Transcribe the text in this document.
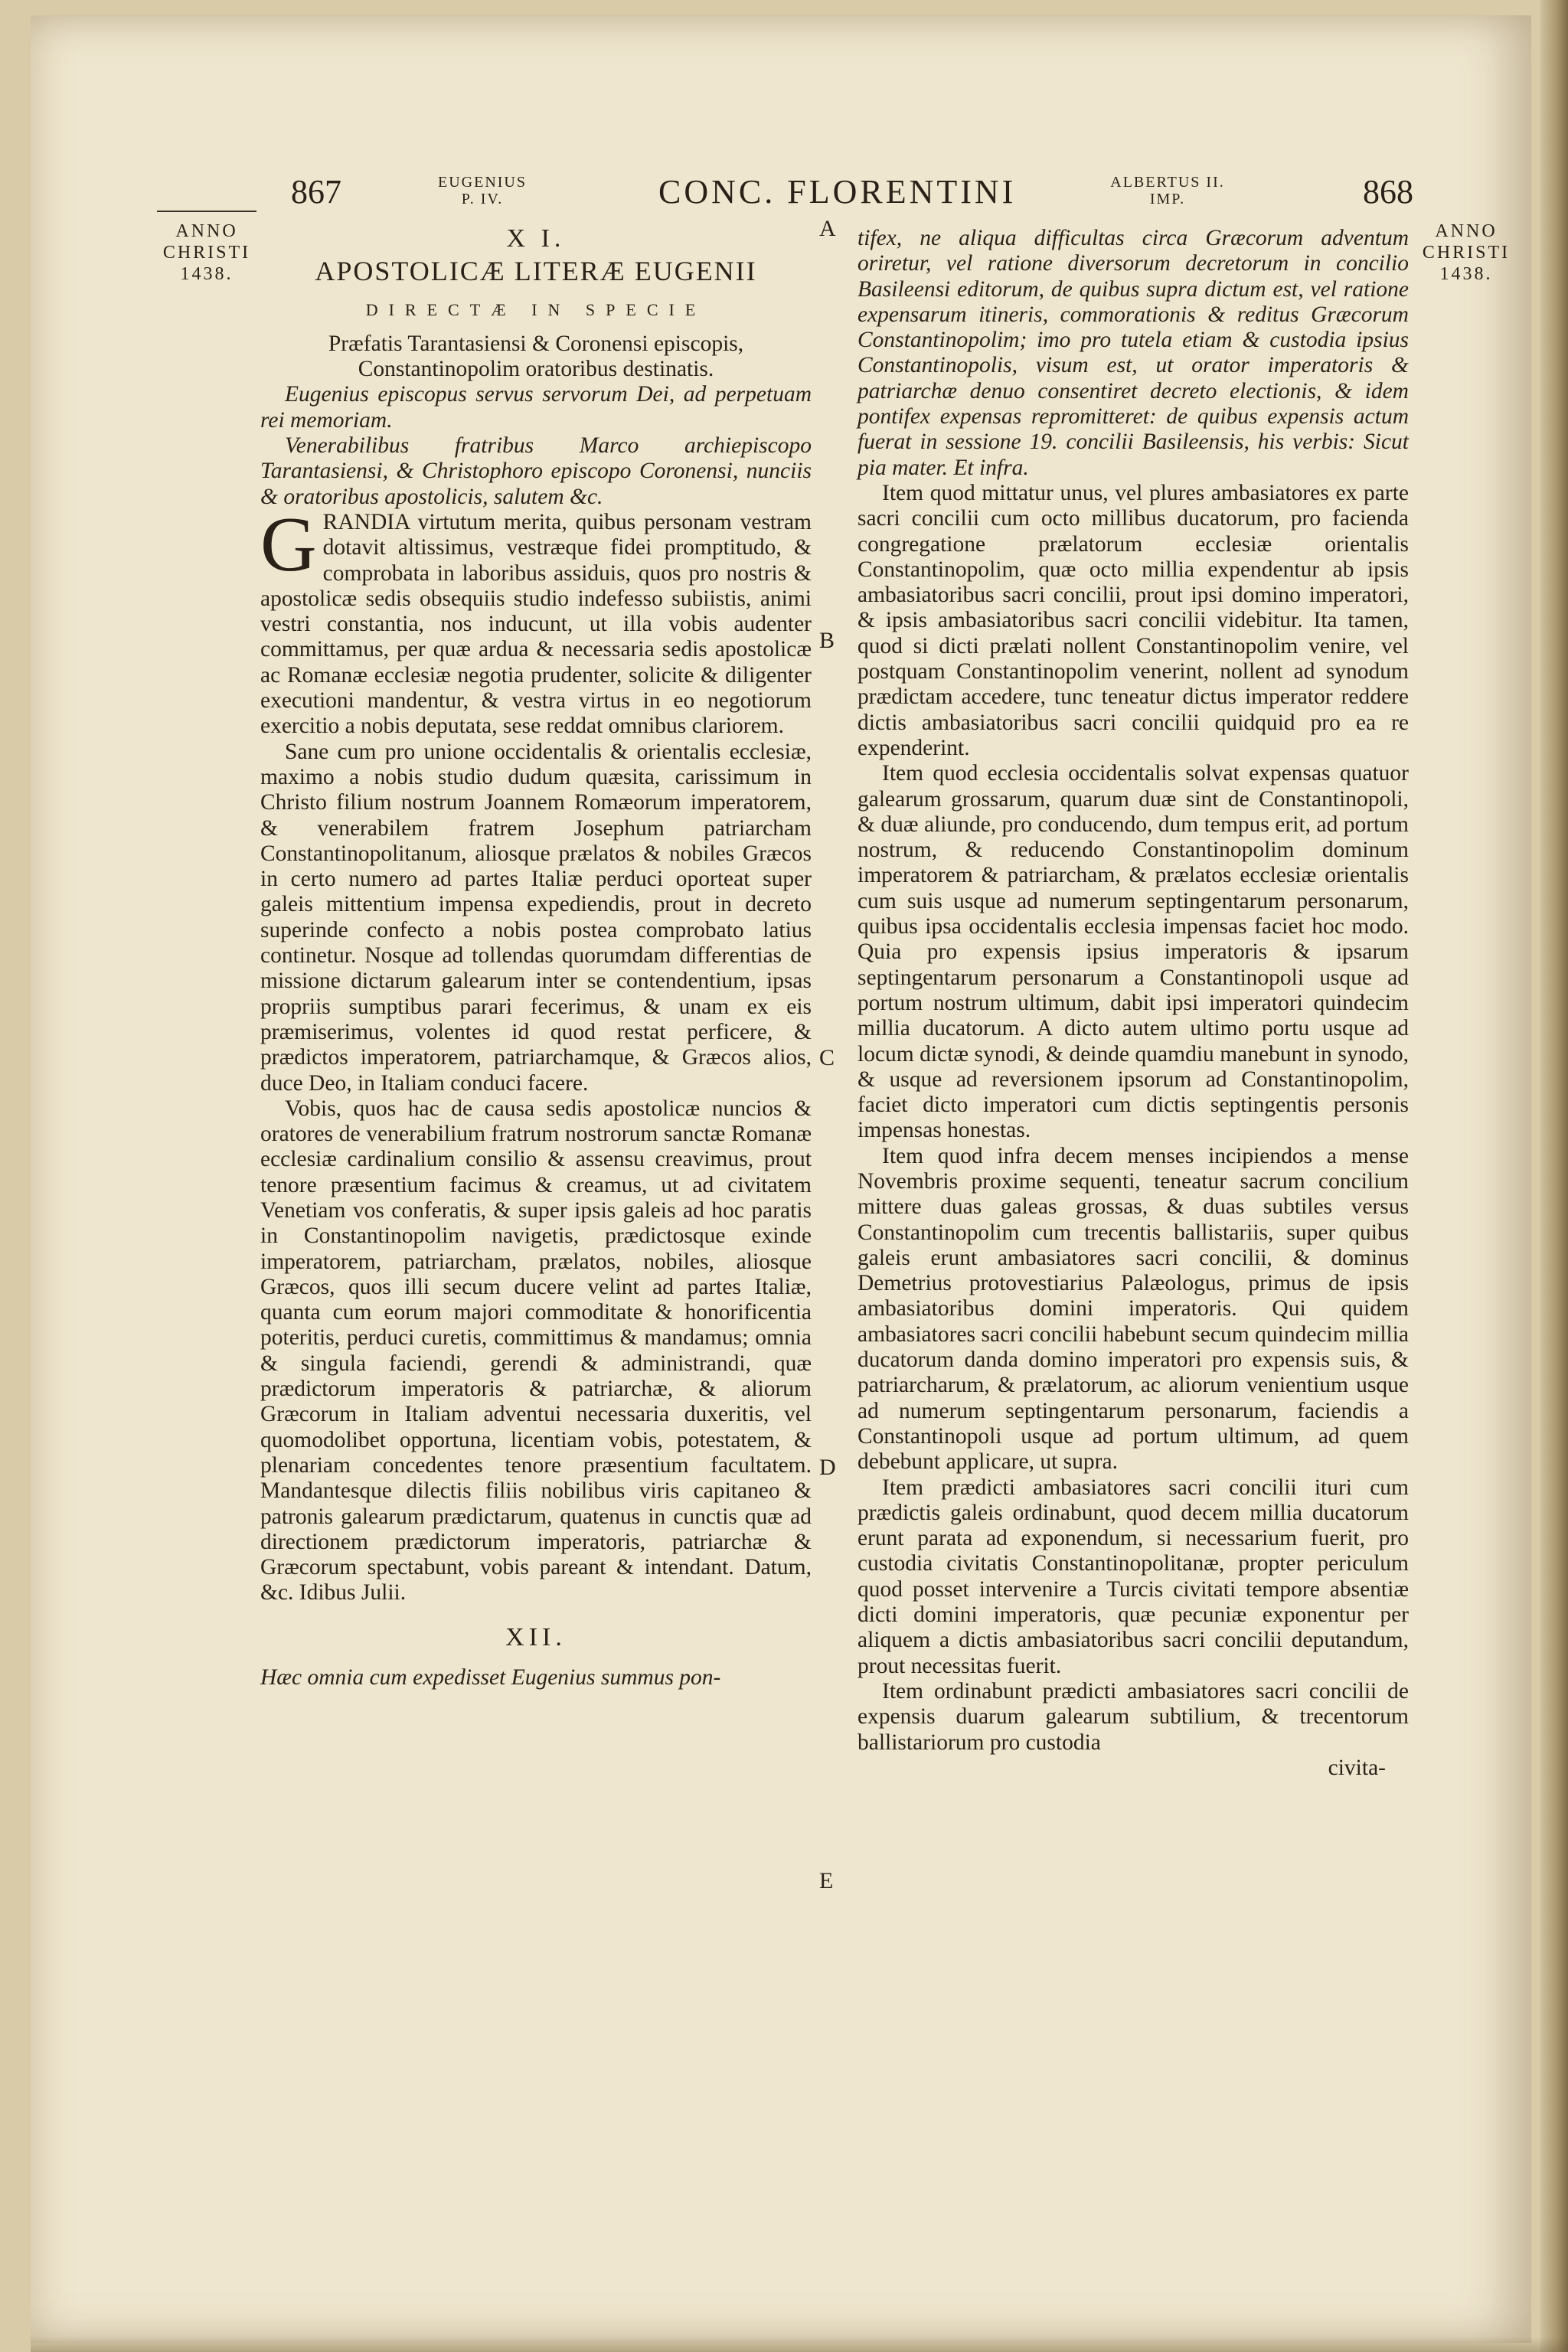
867	EUGENIUS
P. IV.	CONC. FLORENTINI	ALBERTUS II.
IMP.	868
ANNO
CHRISTI
1438.
ANNO
CHRISTI
1438.
A
B
C
D
E
X I.
APOSTOLICÆ LITERÆ EUGENII
DIRECTÆ IN SPECIE

Præfatis Tarantasiensi & Coronensi episcopis, Constantinopolim oratoribus destinatis.

Eugenius episcopus servus servorum Dei, ad perpetuam rei memoriam.

Venerabilibus fratribus Marco archiepiscopo Tarantasiensi, & Christophoro episcopo Coronensi, nunciis & oratoribus apostolicis, salutem &c.

GRANDIA virtutum merita, quibus personam vestram dotavit altissimus, vestræque fidei promptitudo, & comprobata in laboribus assiduis, quos pro nostris & apostolicæ sedis obsequiis studio indefesso subiistis, animi vestri constantia, nos inducunt, ut illa vobis audenter committamus, per quæ ardua & necessaria sedis apostolicæ ac Romanæ ecclesiæ negotia prudenter, solicite & diligenter executioni mandentur, & vestra virtus in eo negotiorum exercitio a nobis deputata, sese reddat omnibus clariorem.

Sane cum pro unione occidentalis & orientalis ecclesiæ, maximo a nobis studio dudum quæsita, carissimum in Christo filium nostrum Joannem Romæorum imperatorem, & venerabilem fratrem Josephum patriarcham Constantinopolitanum, aliosque prælatos & nobiles Græcos in certo numero ad partes Italiæ perduci oporteat super galeis mittentium impensa expediendis, prout in decreto superinde confecto a nobis postea comprobato latius continetur. Nosque ad tollendas quorumdam differentias de missione dictarum galearum inter se contendentium, ipsas propriis sumptibus parari fecerimus, & unam ex eis præmiserimus, volentes id quod restat perficere, & prædictos imperatorem, patriarchamque, & Græcos alios, duce Deo, in Italiam conduci facere.

Vobis, quos hac de causa sedis apostolicæ nuncios & oratores de venerabilium fratrum nostrorum sanctæ Romanæ ecclesiæ cardinalium consilio & assensu creavimus, prout tenore præsentium facimus & creamus, ut ad civitatem Venetiam vos conferatis, & super ipsis galeis ad hoc paratis in Constantinopolim navigetis, prædictosque exinde imperatorem, patriarcham, prælatos, nobiles, aliosque Græcos, quos illi secum ducere velint ad partes Italiæ, quanta cum eorum majori commoditate & honorificentia poteritis, perduci curetis, committimus & mandamus; omnia & singula faciendi, gerendi & administrandi, quæ prædictorum imperatoris & patriarchæ, & aliorum Græcorum in Italiam adventui necessaria duxeritis, vel quomodolibet opportuna, licentiam vobis, potestatem, & plenariam concedentes tenore præsentium facultatem. Mandantesque dilectis filiis nobilibus viris capitaneo & patronis galearum prædictarum, quatenus in cunctis quæ ad directionem prædictorum imperatoris, patriarchæ & Græcorum spectabunt, vobis pareant & intendant. Datum, &c. Idibus Julii.

XII.

Hæc omnia cum expedisset Eugenius summus pon-

tifex, ne aliqua difficultas circa Græcorum adventum oriretur, vel ratione diversorum decretorum in concilio Basileensi editorum, de quibus supra dictum est, vel ratione expensarum itineris, commorationis & reditus Græcorum Constantinopolim; imo pro tutela etiam & custodia ipsius Constantinopolis, visum est, ut orator imperatoris & patriarchæ denuo consentiret decreto electionis, & idem pontifex expensas repromitteret: de quibus expensis actum fuerat in sessione 19. concilii Basileensis, his verbis: Sicut pia mater. Et infra.

Item quod mittatur unus, vel plures ambasiatores ex parte sacri concilii cum octo millibus ducatorum, pro facienda congregatione prælatorum ecclesiæ orientalis Constantinopolim, quæ octo millia expendentur ab ipsis ambasiatoribus sacri concilii, prout ipsi domino imperatori, & ipsis ambasiatoribus sacri concilii videbitur. Ita tamen, quod si dicti prælati nollent Constantinopolim venire, vel postquam Constantinopolim venerint, nollent ad synodum prædictam accedere, tunc teneatur dictus imperator reddere dictis ambasiatoribus sacri concilii quidquid pro ea re expenderint.

Item quod ecclesia occidentalis solvat expensas quatuor galearum grossarum, quarum duæ sint de Constantinopoli, & duæ aliunde, pro conducendo, dum tempus erit, ad portum nostrum, & reducendo Constantinopolim dominum imperatorem & patriarcham, & prælatos ecclesiæ orientalis cum suis usque ad numerum septingentarum personarum, quibus ipsa occidentalis ecclesia impensas faciet hoc modo. Quia pro expensis ipsius imperatoris & ipsarum septingentarum personarum a Constantinopoli usque ad portum nostrum ultimum, dabit ipsi imperatori quindecim millia ducatorum. A dicto autem ultimo portu usque ad locum dictæ synodi, & deinde quamdiu manebunt in synodo, & usque ad reversionem ipsorum ad Constantinopolim, faciet dicto imperatori cum dictis septingentis personis impensas honestas.

Item quod infra decem menses incipiendos a mense Novembris proxime sequenti, teneatur sacrum concilium mittere duas galeas grossas, & duas subtiles versus Constantinopolim cum trecentis ballistariis, super quibus galeis erunt ambasiatores sacri concilii, & dominus Demetrius protovestiarius Palæologus, primus de ipsis ambasiatoribus domini imperatoris. Qui quidem ambasiatores sacri concilii habebunt secum quindecim millia ducatorum danda domino imperatori pro expensis suis, & patriarcharum, & prælatorum, ac aliorum venientium usque ad numerum septingentarum personarum, faciendis a Constantinopoli usque ad portum ultimum, ad quem debebunt applicare, ut supra.

Item prædicti ambasiatores sacri concilii ituri cum prædictis galeis ordinabunt, quod decem millia ducatorum erunt parata ad exponendum, si necessarium fuerit, pro custodia civitatis Constantinopolitanæ, propter periculum quod posset intervenire a Turcis civitati tempore absentiæ dicti domini imperatoris, quæ pecuniæ exponentur per aliquem a dictis ambasiatoribus sacri concilii deputandum, prout necessitas fuerit.

Item ordinabunt prædicti ambasiatores sacri concilii de expensis duarum galearum subtilium, & trecentorum ballistariorum pro custodia

civita-
